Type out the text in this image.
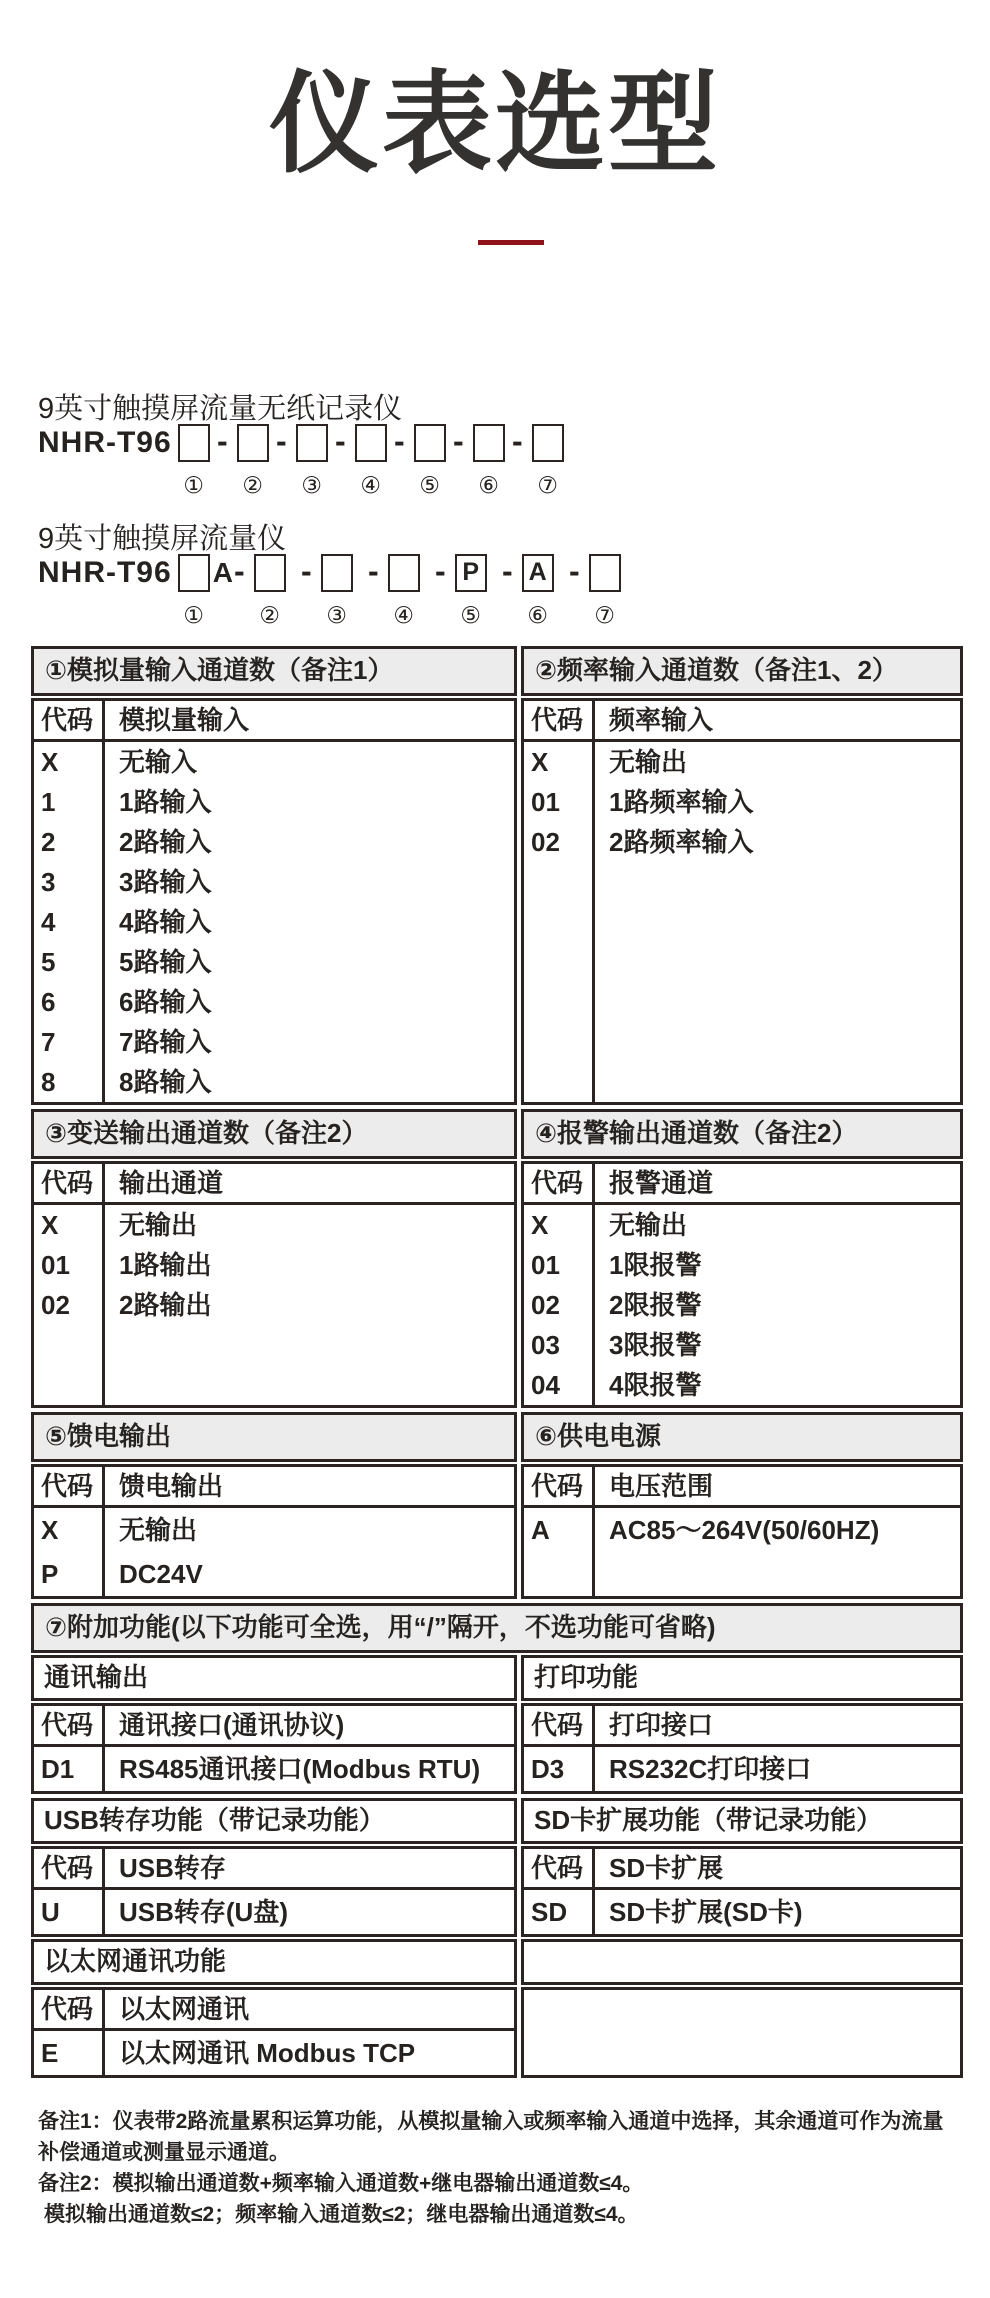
仪表选型
9英寸触摸屏流量无纸记录仪
NHR-T96 -
①
-
②
-
③
-
④
-
⑤
-
⑥ ⑦
9英寸触摸屏流量仪
NHR-T96 A -
①
-
②
-
③
-
④
P -
⑤
A -
⑥ ⑦
①模拟量输入通道数（备注1）	②频率输入通道数（备注1、2）
代码 模拟量输入
X	无输入
1	1路输入
2	2路输入
3	3路输入
4	4路输入
5	5路输入
6	6路输入
7	7路输入
8	8路输入
代码 频率输入
X	无输出
01	1路频率输入
02	2路频率输入
③变送输出通道数（备注2）	④报警输出通道数（备注2）
代码 输出通道
X	无输出
01	1路输出
02	2路输出
代码 报警通道
X	无输出
01	1限报警
02	2限报警
03	3限报警
04	4限报警
⑤馈电输出	⑥供电电源
代码 馈电输出
X	无输出
P	DC24V
代码 电压范围
A	AC85～264V(50/60HZ)
⑦附加功能(以下功能可全选，用“/”隔开，不选功能可省略)
通讯输出	打印功能
代码 通讯接口(通讯协议)
D1	RS485通讯接口(Modbus RTU)
代码 打印接口
D3	RS232C打印接口
USB转存功能（带记录功能）	SD卡扩展功能（带记录功能）
代码 USB转存
U	USB转存(U盘)
代码 SD卡扩展
SD	SD卡扩展(SD卡)
以太网通讯功能
代码 以太网通讯
E	以太网通讯 Modbus TCP
备注1：仪表带2路流量累积运算功能，从模拟量输入或频率输入通道中选择，其余通道可作为流量
补偿通道或测量显示通道。
备注2：模拟输出通道数+频率输入通道数+继电器输出通道数≤4。
模拟输出通道数≤2；频率输入通道数≤2；继电器输出通道数≤4。
